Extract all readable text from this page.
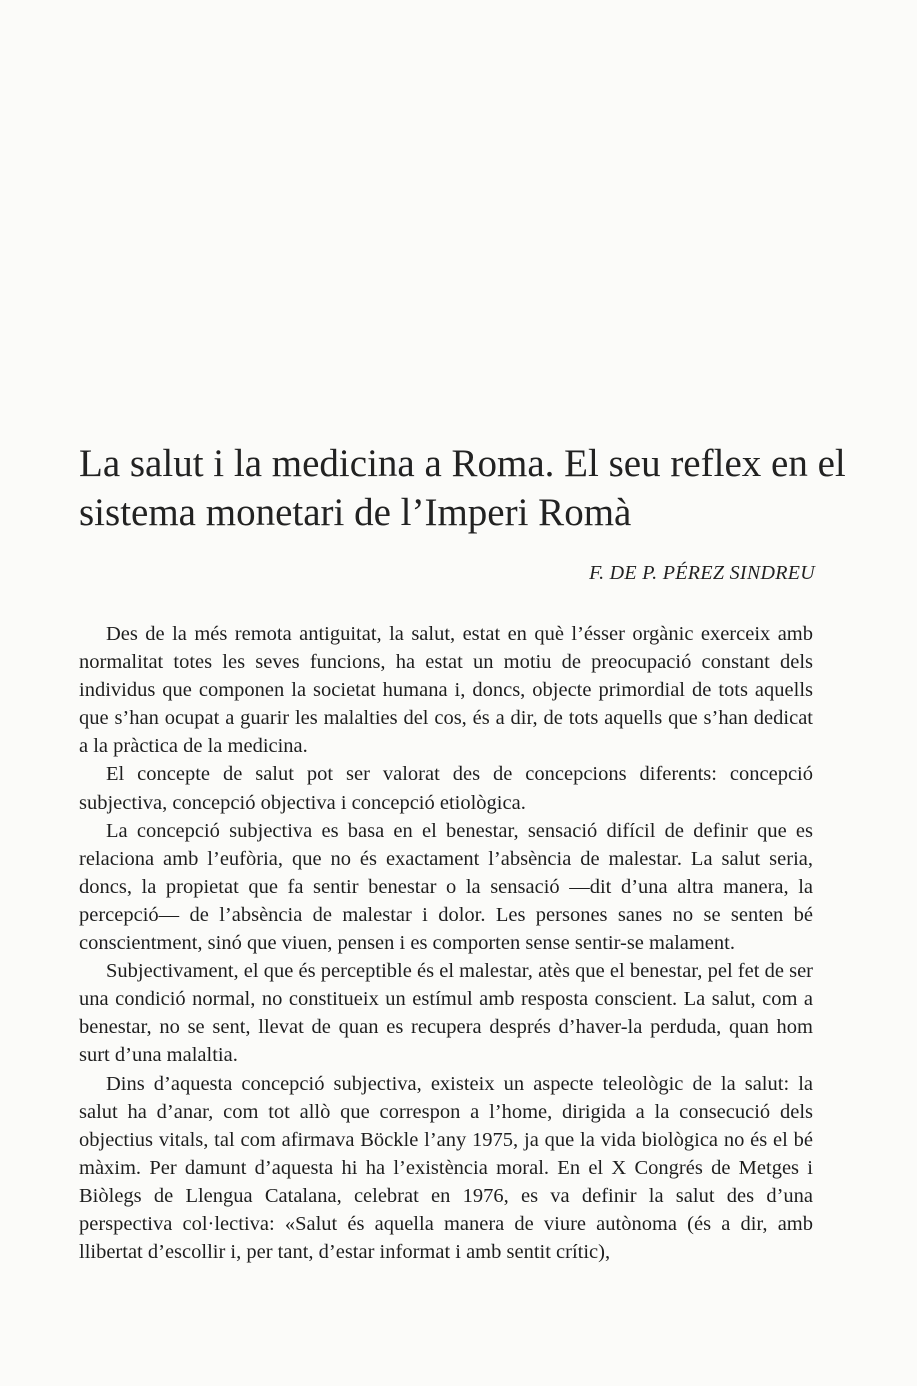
La salut i la medicina a Roma. El seu reflex en el sistema monetari de l’Imperi Romà

F. DE P. PÉREZ SINDREU

Des de la més remota antiguitat, la salut, estat en què l’ésser orgànic exerceix amb normalitat totes les seves funcions, ha estat un motiu de preocupació constant dels individus que componen la societat humana i, doncs, objecte primordial de tots aquells que s’han ocupat a guarir les malalties del cos, és a dir, de tots aquells que s’han dedicat a la pràctica de la medicina.

El concepte de salut pot ser valorat des de concepcions diferents: concepció subjectiva, concepció objectiva i concepció etiològica.

La concepció subjectiva es basa en el benestar, sensació difícil de definir que es relaciona amb l’eufòria, que no és exactament l’absència de malestar. La salut seria, doncs, la propietat que fa sentir benestar o la sensació —dit d’una altra manera, la percepció— de l’absència de malestar i dolor. Les persones sanes no se senten bé conscientment, sinó que viuen, pensen i es comporten sense sentir-se malament.

Subjectivament, el que és perceptible és el malestar, atès que el benestar, pel fet de ser una condició normal, no constitueix un estímul amb resposta conscient. La salut, com a benestar, no se sent, llevat de quan es recupera després d’haver-la perduda, quan hom surt d’una malaltia.

Dins d’aquesta concepció subjectiva, existeix un aspecte teleològic de la salut: la salut ha d’anar, com tot allò que correspon a l’home, dirigida a la consecució dels objectius vitals, tal com afirmava Böckle l’any 1975, ja que la vida biològica no és el bé màxim. Per damunt d’aquesta hi ha l’existència moral. En el X Congrés de Metges i Biòlegs de Llengua Catalana, celebrat en 1976, es va definir la salut des d’una perspectiva col·lectiva: «Salut és aquella manera de viure autònoma (és a dir, amb llibertat d’escollir i, per tant, d’estar informat i amb sentit crític),
